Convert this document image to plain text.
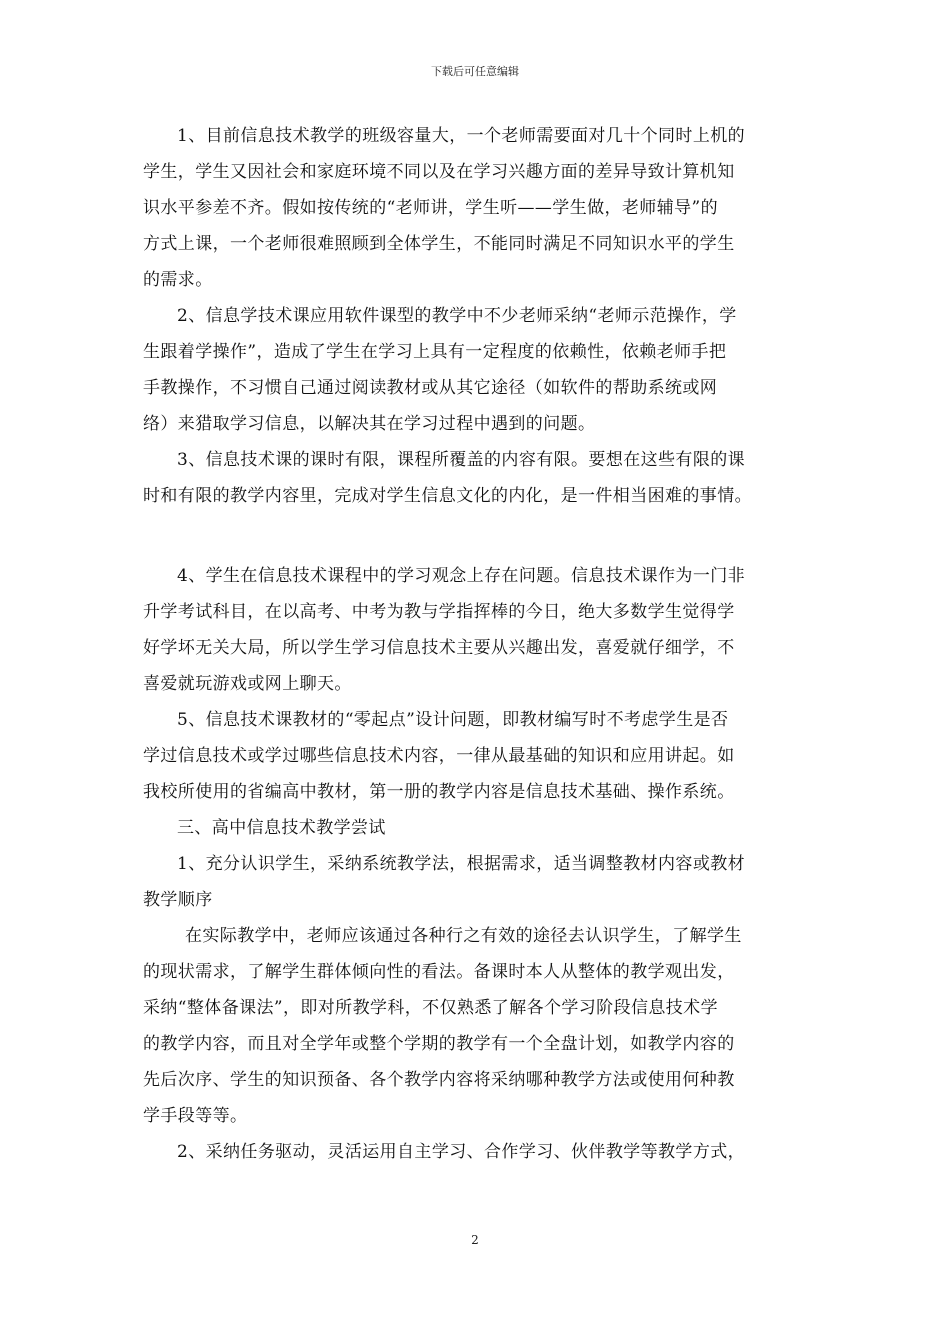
下载后可任意编辑
1、目前信息技术教学的班级容量大，一个老师需要面对几十个同时上机的
学生，学生又因社会和家庭环境不同以及在学习兴趣方面的差异导致计算机知
识水平参差不齐。假如按传统的“老师讲，学生听——学生做，老师辅导”的
方式上课，一个老师很难照顾到全体学生，不能同时满足不同知识水平的学生
的需求。
2、信息学技术课应用软件课型的教学中不少老师采纳“老师示范操作，学
生跟着学操作”，造成了学生在学习上具有一定程度的依赖性，依赖老师手把
手教操作，不习惯自己通过阅读教材或从其它途径（如软件的帮助系统或网
络）来猎取学习信息，以解决其在学习过程中遇到的问题。
3、信息技术课的课时有限，课程所覆盖的内容有限。要想在这些有限的课
时和有限的教学内容里，完成对学生信息文化的内化，是一件相当困难的事情。
4、学生在信息技术课程中的学习观念上存在问题。信息技术课作为一门非
升学考试科目，在以高考、中考为教与学指挥棒的今日，绝大多数学生觉得学
好学坏无关大局，所以学生学习信息技术主要从兴趣出发，喜爱就仔细学，不
喜爱就玩游戏或网上聊天。
5、信息技术课教材的“零起点”设计问题，即教材编写时不考虑学生是否
学过信息技术或学过哪些信息技术内容，一律从最基础的知识和应用讲起。如
我校所使用的省编高中教材，第一册的教学内容是信息技术基础、操作系统。
三、高中信息技术教学尝试
1、充分认识学生，采纳系统教学法，根据需求，适当调整教材内容或教材
教学顺序
在实际教学中，老师应该通过各种行之有效的途径去认识学生，了解学生
的现状需求，了解学生群体倾向性的看法。备课时本人从整体的教学观出发，
采纳“整体备课法”，即对所教学科，不仅熟悉了解各个学习阶段信息技术学
的教学内容，而且对全学年或整个学期的教学有一个全盘计划，如教学内容的
先后次序、学生的知识预备、各个教学内容将采纳哪种教学方法或使用何种教
学手段等等。
2、采纳任务驱动，灵活运用自主学习、合作学习、伙伴教学等教学方式，
2
